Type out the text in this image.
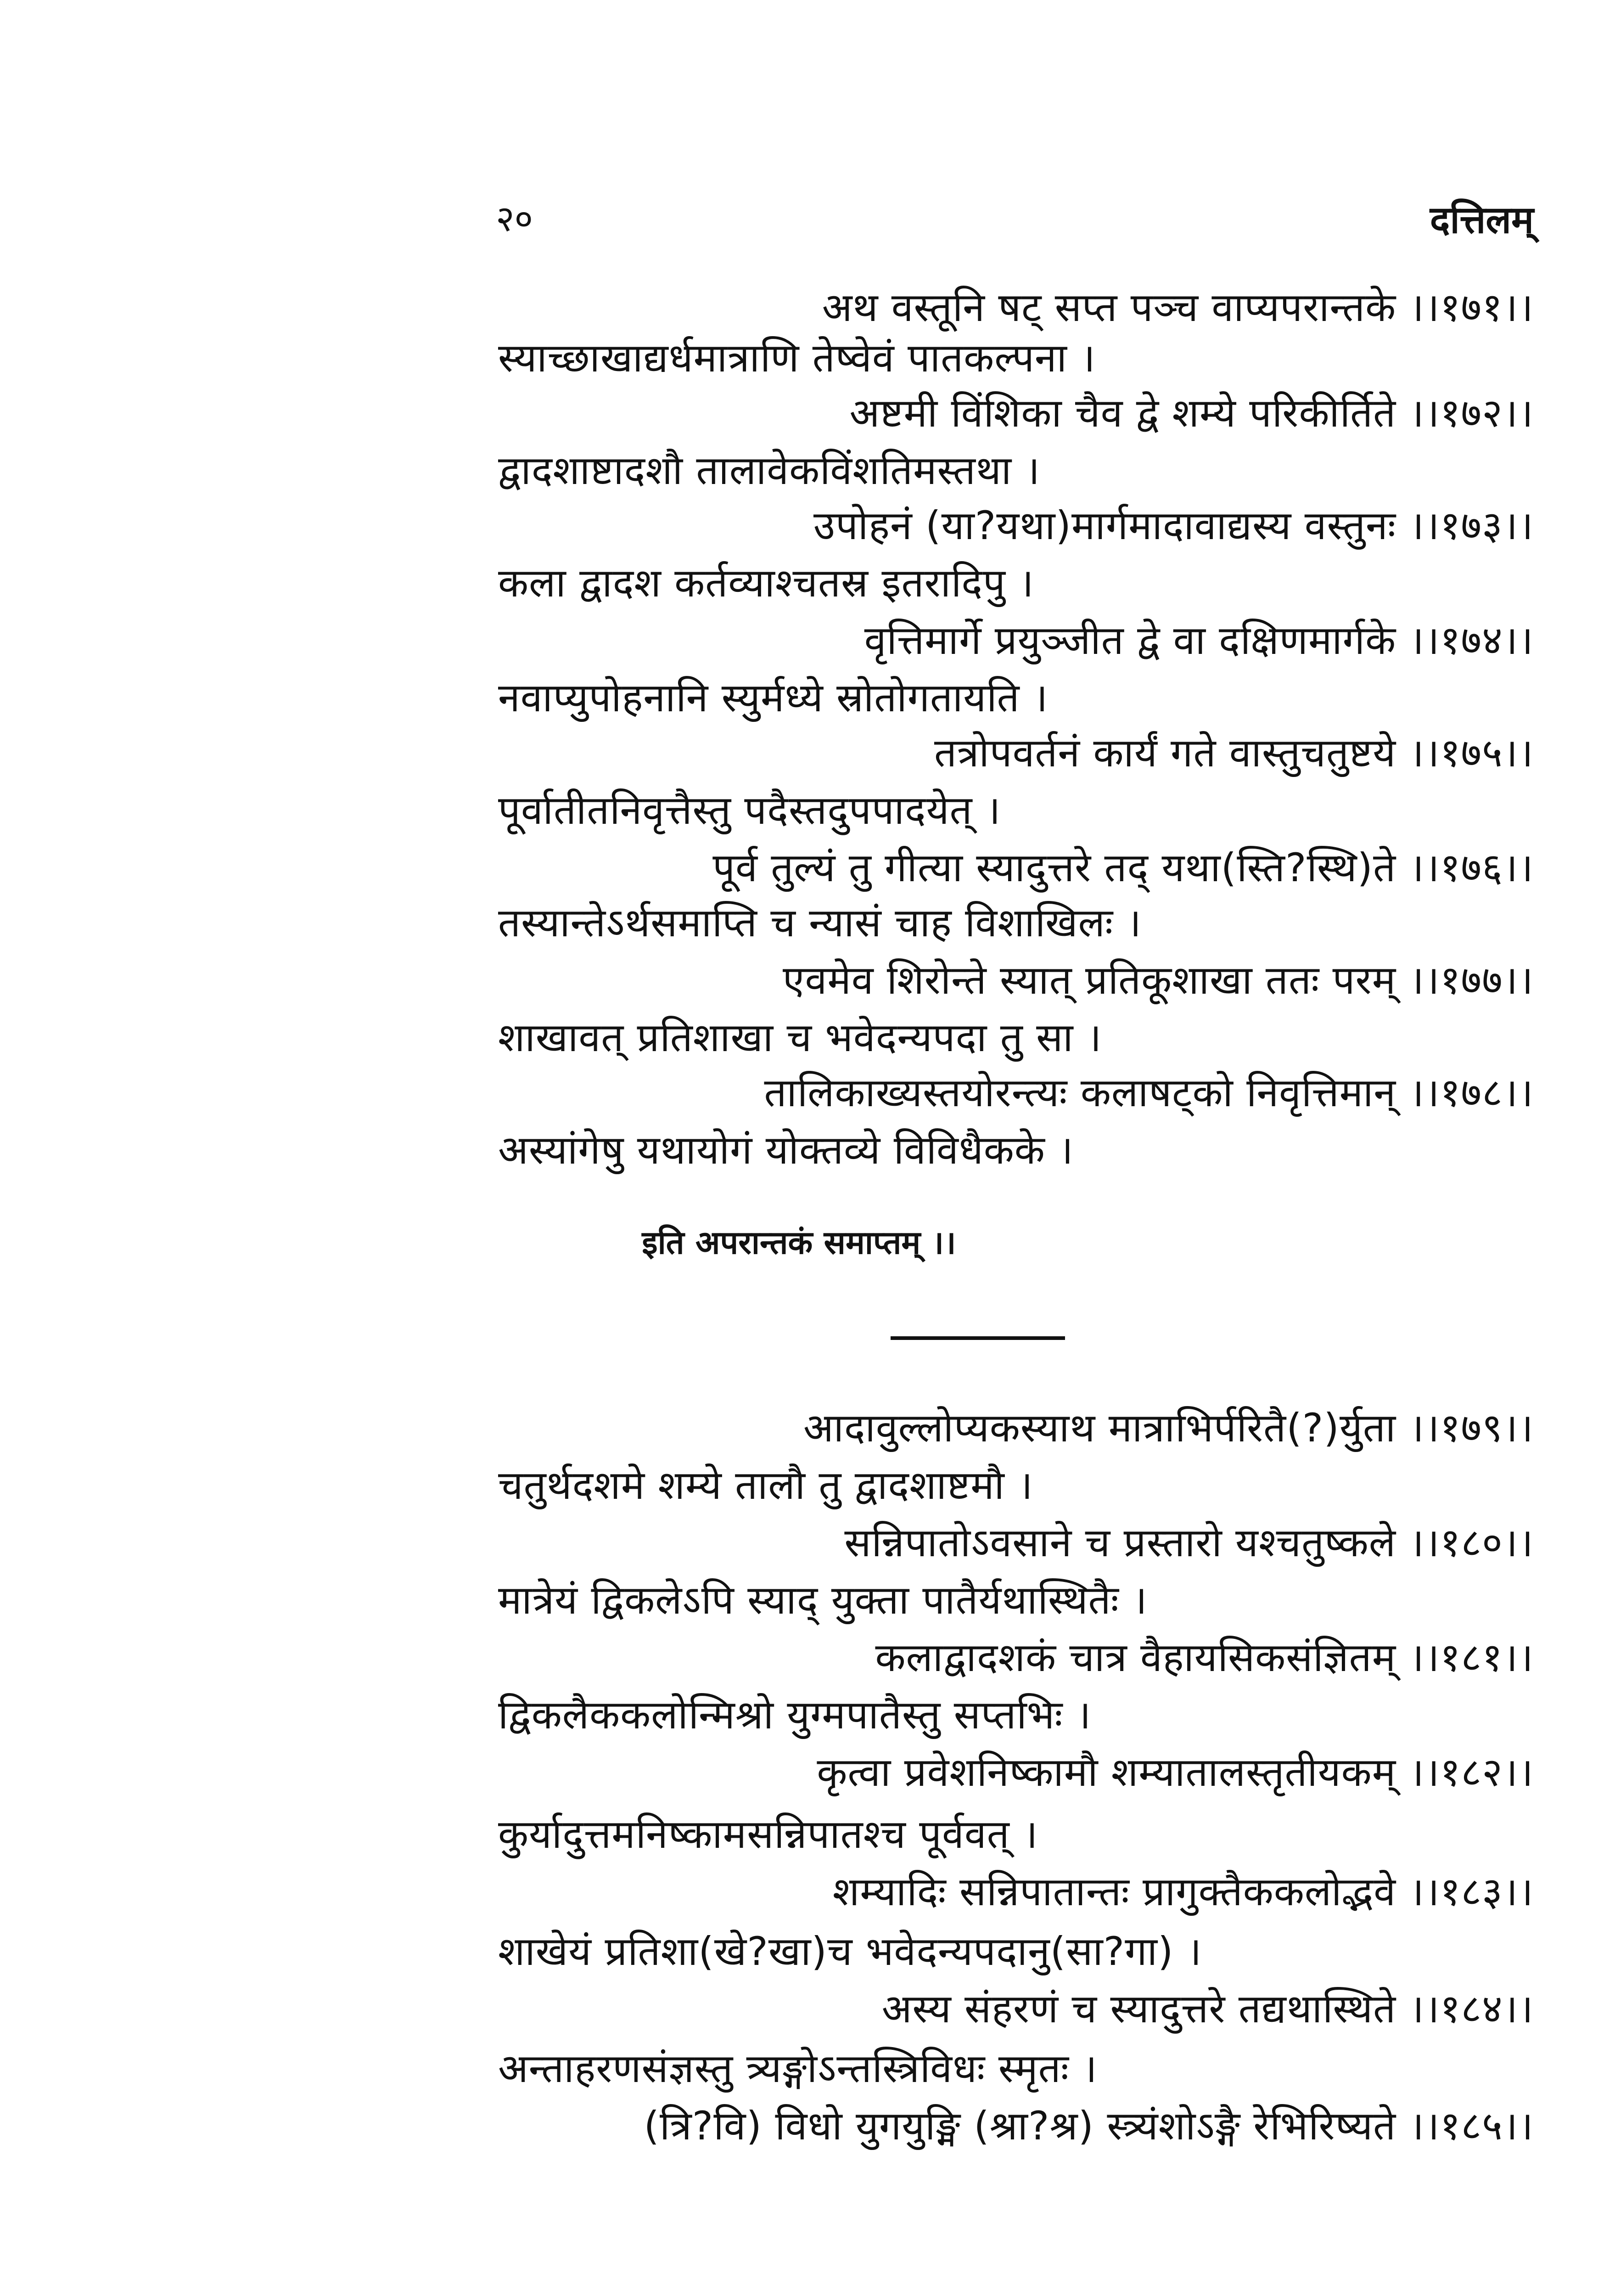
२०	दत्तिलम्
अथ वस्तूनि षट् सप्त पञ्च वाप्यपरान्तके ।।१७१।।
स्याच्छाखाद्यर्धमात्राणि तेष्वेवं पातकल्पना ।
अष्टमी विंशिका चैव द्वे शम्ये परिकीर्तिते ।।१७२।।
द्वादशाष्टादशौ तालावेकविंशतिमस्तथा ।
उपोहनं (या?यथा)मार्गमादावाद्यस्य वस्तुनः ।।१७३।।
कला द्वादश कर्तव्याश्चतस्र इतरादिपु ।
वृत्तिमार्गे प्रयुञ्जीत द्वे वा दक्षिणमार्गके ।।१७४।।
नवाप्युपोहनानि स्युर्मध्ये स्रोतोगतायति ।
तत्रोपवर्तनं कार्यं गते वास्तुचतुष्टये ।।१७५।।
पूर्वातीतनिवृत्तैस्तु पदैस्तदुपपादयेत् ।
पूर्व तुल्यं तु गीत्या स्यादुत्तरे तद् यथा(स्ति?स्थि)ते ।।१७६।।
तस्यान्तेऽर्थसमाप्ति च न्यासं चाह विशाखिलः ।
एवमेव शिरोन्ते स्यात् प्रतिकूशाखा ततः परम् ।।१७७।।
शाखावत् प्रतिशाखा च भवेदन्यपदा तु सा ।
तालिकाख्यस्तयोरन्त्यः कलाषट्को निवृत्तिमान् ।।१७८।।
अस्यांगेषु यथायोगं योक्तव्ये विविधैकके ।
इति अपरान्तकं समाप्तम् ।।
आदावुल्लोप्यकस्याथ मात्राभिर्परितै(?)र्युता ।।१७९।।
चतुर्थदशमे शम्ये तालौ तु द्वादशाष्टमौ ।
सन्निपातोऽवसाने च प्रस्तारो यश्चतुष्कले ।।१८०।।
मात्रेयं द्विकलेऽपि स्याद् युक्ता पातैर्यथास्थितैः ।
कलाद्वादशकं चात्र वैहायसिकसंज्ञितम् ।।१८१।।
द्विकलैककलोन्मिश्रो युग्मपातैस्तु सप्तभिः ।
कृत्वा प्रवेशनिष्कामौ शम्यातालस्तृतीयकम् ।।१८२।।
कुर्यादुत्तमनिष्कामसन्निपातश्च पूर्ववत् ।
शम्यादिः सन्निपातान्तः प्रागुक्तैककलोद्भवे ।।१८३।।
शाखेयं प्रतिशा(खे?खा)च भवेदन्यपदानु(सा?गा) ।
अस्य संहरणं च स्यादुत्तरे तद्यथास्थिते ।।१८४।।
अन्ताहरणसंज्ञस्तु त्र्यङ्गोऽन्तस्त्रिविधः स्मृतः ।
(त्रि?वि) विधो युगयुङ्मि (श्रा?श्र) स्त्र्यंशोऽङ्गै रेभिरिष्यते ।।१८५।।
